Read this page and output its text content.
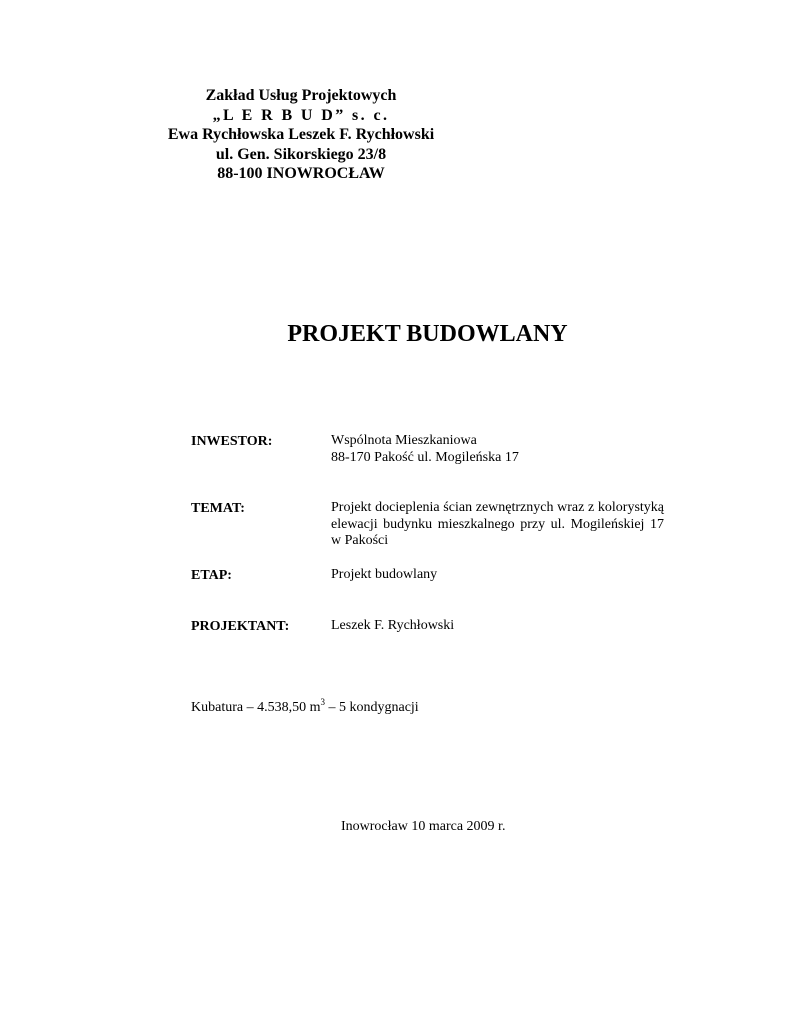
Zakład Usług Projektowych
„L E R B U D” s. c.
Ewa Rychłowska Leszek F. Rychłowski
ul. Gen. Sikorskiego 23/8
88-100 INOWROCŁAW
PROJEKT BUDOWLANY
INWESTOR:	Wspólnota Mieszkaniowa
88-170 Pakość ul. Mogileńska 17
TEMAT:	Projekt docieplenia ścian zewnętrznych wraz z kolorystyką elewacji budynku mieszkalnego przy ul. Mogileńskiej 17 w Pakości
ETAP:	Projekt budowlany
PROJEKTANT:	Leszek F. Rychłowski
Kubatura – 4.538,50 $m^3 - 5$ kondygnacji
Inowrocław 10 marca 2009 r.
